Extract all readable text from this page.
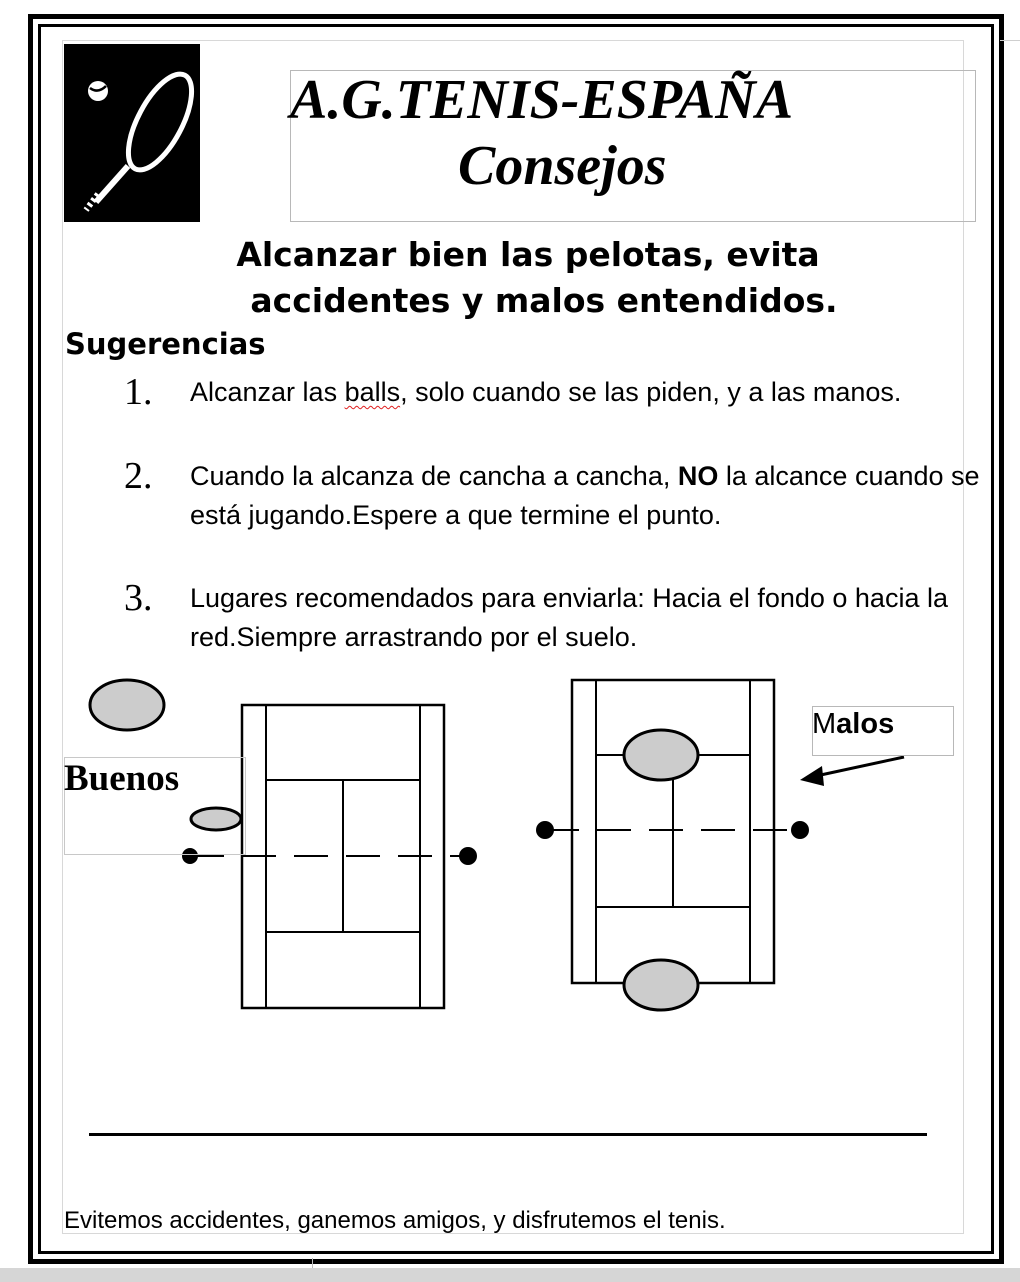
A.G.TENIS-ESPAÑA
Consejos
Alcanzar bien las pelotas, evita
accidentes y malos entendidos.
Sugerencias
1. Alcanzar las balls, solo cuando se las piden, y a las manos.
2. Cuando la alcanza de cancha a cancha, NO la alcance cuando se está jugando.Espere a que termine el punto.
3. Lugares recomendados para enviarla: Hacia el fondo o hacia la red.Siempre arrastrando por el suelo.
Buenos
Malos
Evitemos accidentes, ganemos amigos, y disfrutemos el tenis.
